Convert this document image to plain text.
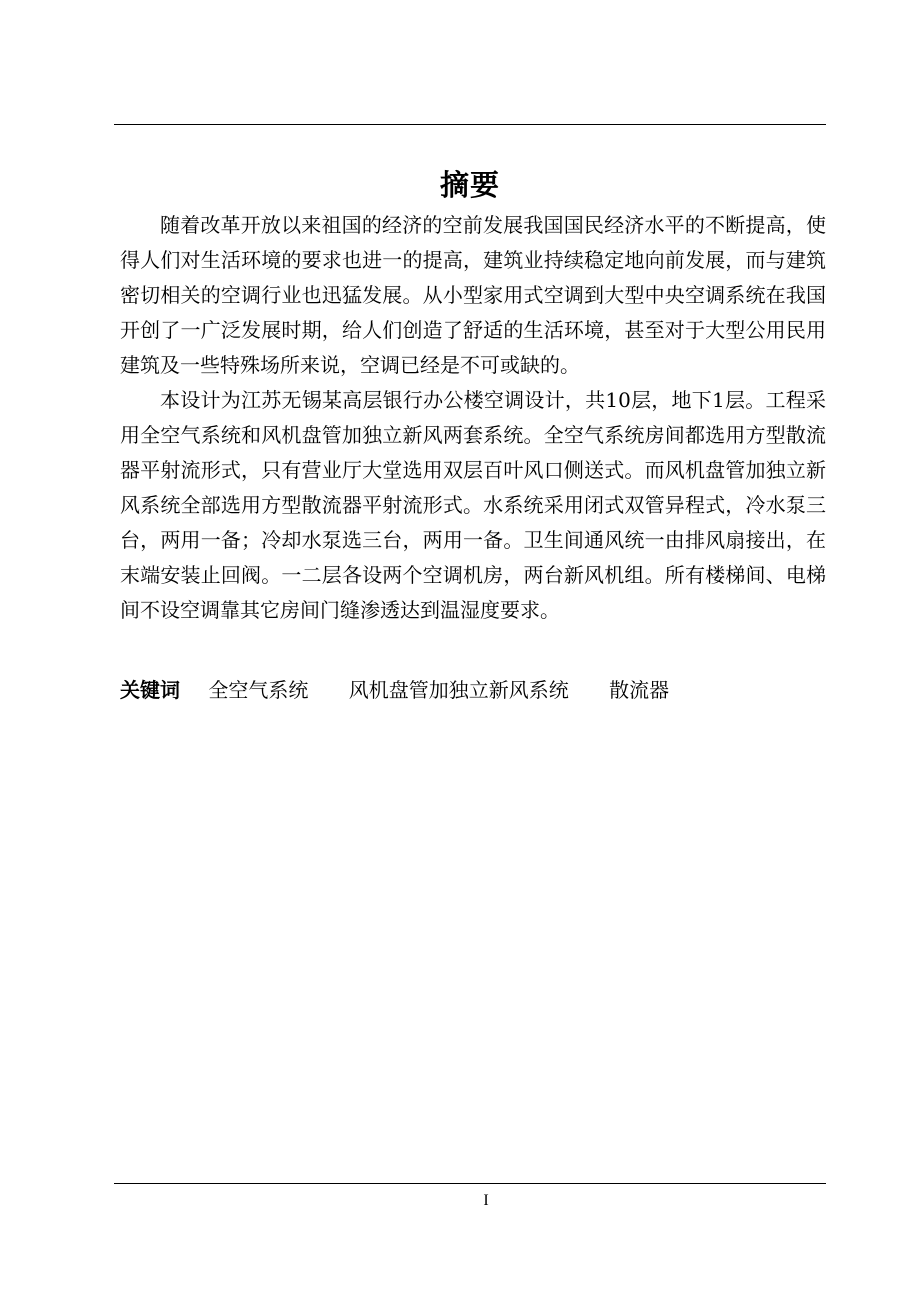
摘要

随着改革开放以来祖国的经济的空前发展我国国民经济水平的不断提高，使得人们对生活环境的要求也进一的提高，建筑业持续稳定地向前发展，而与建筑密切相关的空调行业也迅猛发展。从小型家用式空调到大型中央空调系统在我国开创了一广泛发展时期，给人们创造了舒适的生活环境，甚至对于大型公用民用建筑及一些特殊场所来说，空调已经是不可或缺的。

本设计为江苏无锡某高层银行办公楼空调设计，共10层，地下1层。工程采用全空气系统和风机盘管加独立新风两套系统。全空气系统房间都选用方型散流器平射流形式，只有营业厅大堂选用双层百叶风口侧送式。而风机盘管加独立新风系统全部选用方型散流器平射流形式。水系统采用闭式双管异程式，冷水泵三台，两用一备；冷却水泵选三台，两用一备。卫生间通风统一由排风扇接出，在末端安装止回阀。一二层各设两个空调机房，两台新风机组。所有楼梯间、电梯间不设空调靠其它房间门缝渗透达到温湿度要求。

关键词 全空气系统 风机盘管加独立新风系统 散流器
I
